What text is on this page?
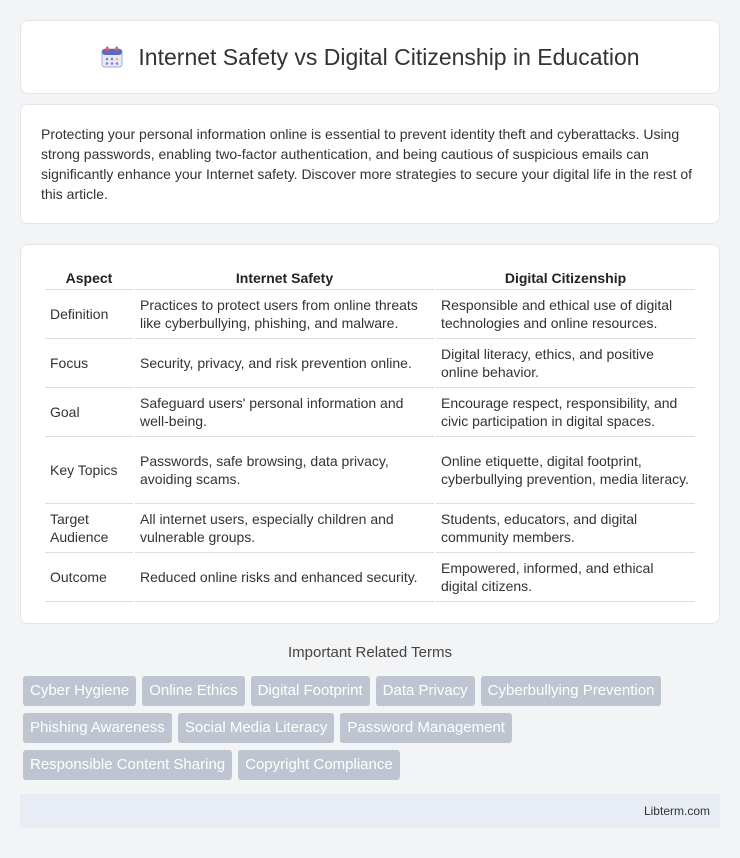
Internet Safety vs Digital Citizenship in Education

Protecting your personal information online is essential to prevent identity theft and cyberattacks. Using strong passwords, enabling two-factor authentication, and being cautious of suspicious emails can significantly enhance your Internet safety. Discover more strategies to secure your digital life in the rest of this article.

Aspect	Internet Safety	Digital Citizenship
Definition	Practices to protect users from online threats like cyberbullying, phishing, and malware.	Responsible and ethical use of digital technologies and online resources.
Focus	Security, privacy, and risk prevention online.	Digital literacy, ethics, and positive online behavior.
Goal	Safeguard users' personal information and well-being.	Encourage respect, responsibility, and civic participation in digital spaces.
Key Topics	Passwords, safe browsing, data privacy, avoiding scams.	Online etiquette, digital footprint, cyberbullying prevention, media literacy.
Target Audience	All internet users, especially children and vulnerable groups.	Students, educators, and digital community members.
Outcome	Reduced online risks and enhanced security.	Empowered, informed, and ethical digital citizens.
Important Related Terms
Cyber Hygiene	Online Ethics	Digital Footprint	Data Privacy	Cyberbullying Prevention
Phishing Awareness	Social Media Literacy	Password Management
Responsible Content Sharing	Copyright Compliance
Libterm.com
